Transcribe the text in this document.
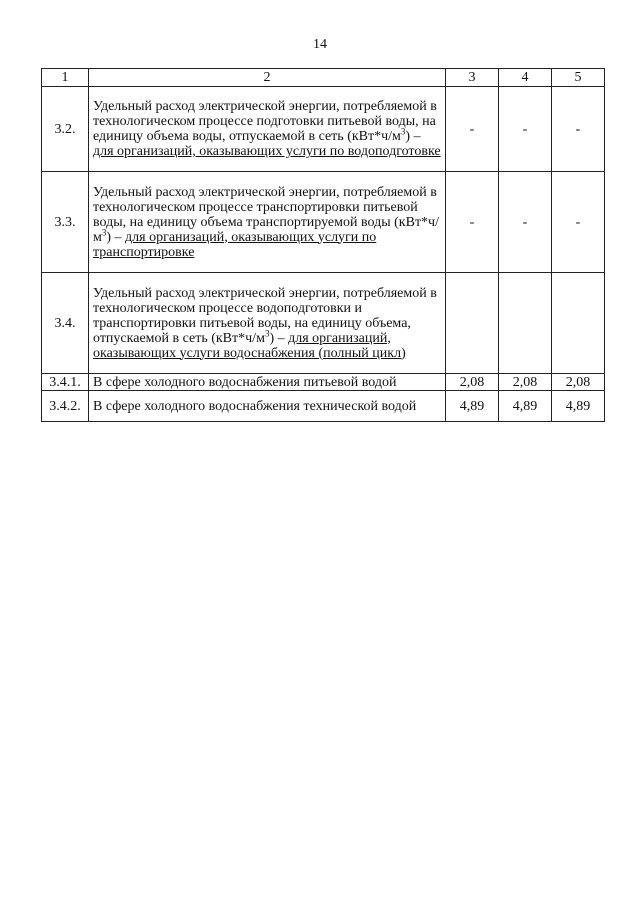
14
1	2	3	4	5
3.2.	Удельный расход электрической энергии, потребляемой в технологическом процессе подготовки питьевой воды, на единицу объема воды, отпускаемой в сеть $(кВт*ч/м^3)$ – для организаций, оказывающих услуги по водоподготовке	-	-	-
3.3.	Удельный расход электрической энергии, потребляемой в технологическом процессе транспортировки питьевой воды, на единицу объема транспортируемой воды $(кВт*ч/м^3)$ – для организаций, оказывающих услуги по транспортировке	-	-	-
3.4.	Удельный расход электрической энергии, потребляемой в технологическом процессе водоподготовки и транспортировки питьевой воды, на единицу объема, отпускаемой в сеть $(кВт*ч/м^3)$ – для организаций, оказывающих услуги водоснабжения (полный цикл)			
3.4.1.	В сфере холодного водоснабжения питьевой водой	2,08	2,08	2,08
3.4.2.	В сфере холодного водоснабжения технической водой	4,89	4,89	4,89
